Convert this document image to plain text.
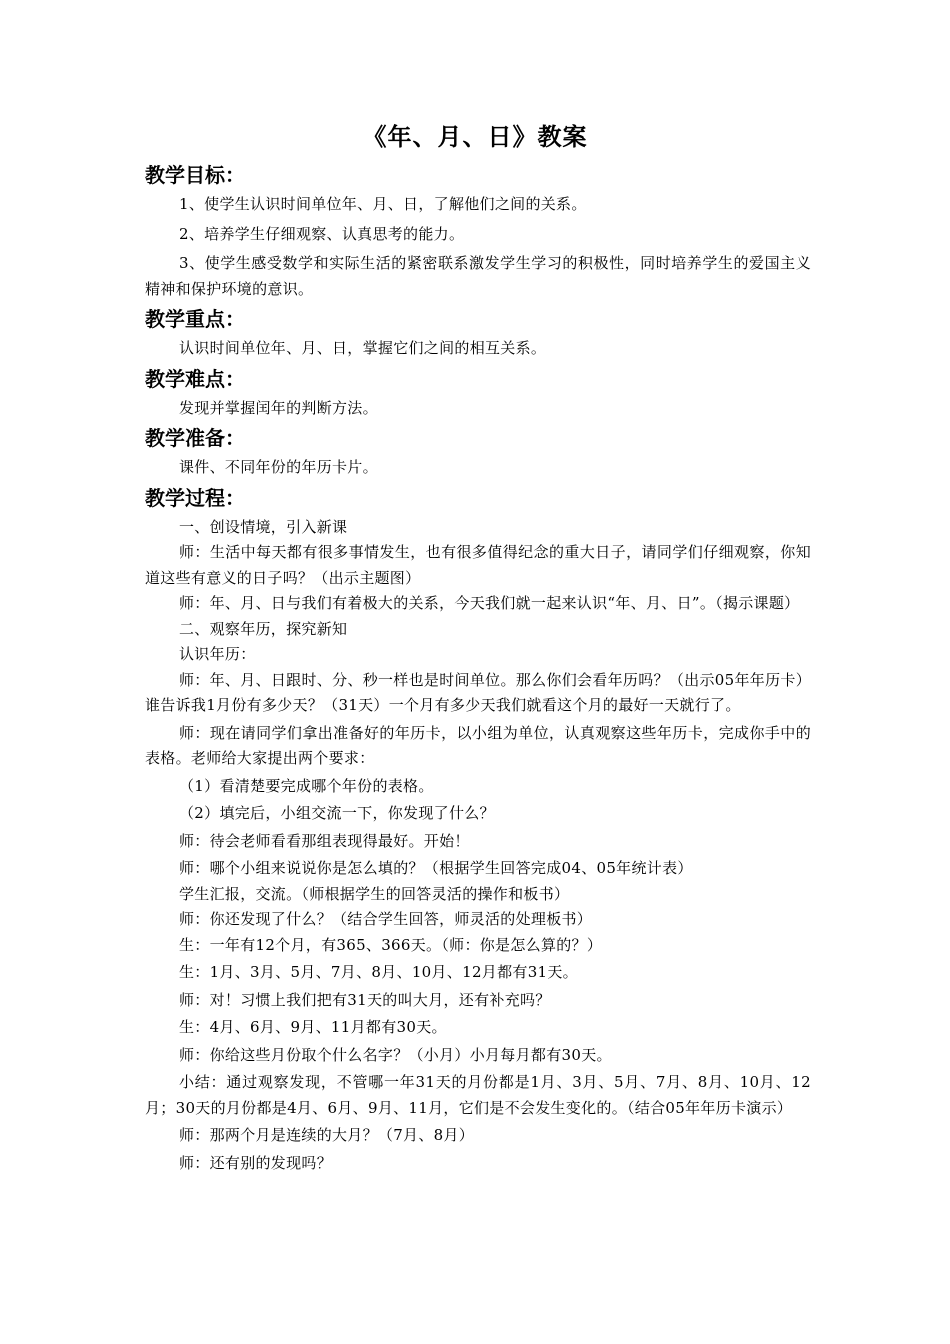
《年、月、日》教案
教学目标：

1、使学生认识时间单位年、月、日，了解他们之间的关系。

2、培养学生仔细观察、认真思考的能力。

3、使学生感受数学和实际生活的紧密联系激发学生学习的积极性，同时培养学生的爱国主义精神和保护环境的意识。

教学重点：

认识时间单位年、月、日，掌握它们之间的相互关系。

教学难点：

发现并掌握闰年的判断方法。

教学准备：

课件、不同年份的年历卡片。

教学过程：

一、创设情境，引入新课

师：生活中每天都有很多事情发生，也有很多值得纪念的重大日子，请同学们仔细观察，你知道这些有意义的日子吗？（出示主题图）

师：年、月、日与我们有着极大的关系，今天我们就一起来认识“年、月、日”。（揭示课题）

二、观察年历，探究新知

认识年历：

师：年、月、日跟时、分、秒一样也是时间单位。那么你们会看年历吗？（出示05年年历卡）谁告诉我1月份有多少天？（31天）一个月有多少天我们就看这个月的最好一天就行了。

师：现在请同学们拿出准备好的年历卡，以小组为单位，认真观察这些年历卡，完成你手中的表格。老师给大家提出两个要求：

（1）看清楚要完成哪个年份的表格。

（2）填完后，小组交流一下，你发现了什么？

师：待会老师看看那组表现得最好。开始！

师：哪个小组来说说你是怎么填的？（根据学生回答完成04、05年统计表）

学生汇报，交流。（师根据学生的回答灵活的操作和板书）

师：你还发现了什么？（结合学生回答，师灵活的处理板书）

生：一年有12个月，有365、366天。（师：你是怎么算的？）

生：1月、3月、5月、7月、8月、10月、12月都有31天。

师：对！习惯上我们把有31天的叫大月，还有补充吗？

生：4月、6月、9月、11月都有30天。

师：你给这些月份取个什么名字？（小月）小月每月都有30天。

小结：通过观察发现，不管哪一年31天的月份都是1月、3月、5月、7月、8月、10月、12月；30天的月份都是4月、6月、9月、11月，它们是不会发生变化的。（结合05年年历卡演示）

师：那两个月是连续的大月？（7月、8月）

师：还有别的发现吗？
